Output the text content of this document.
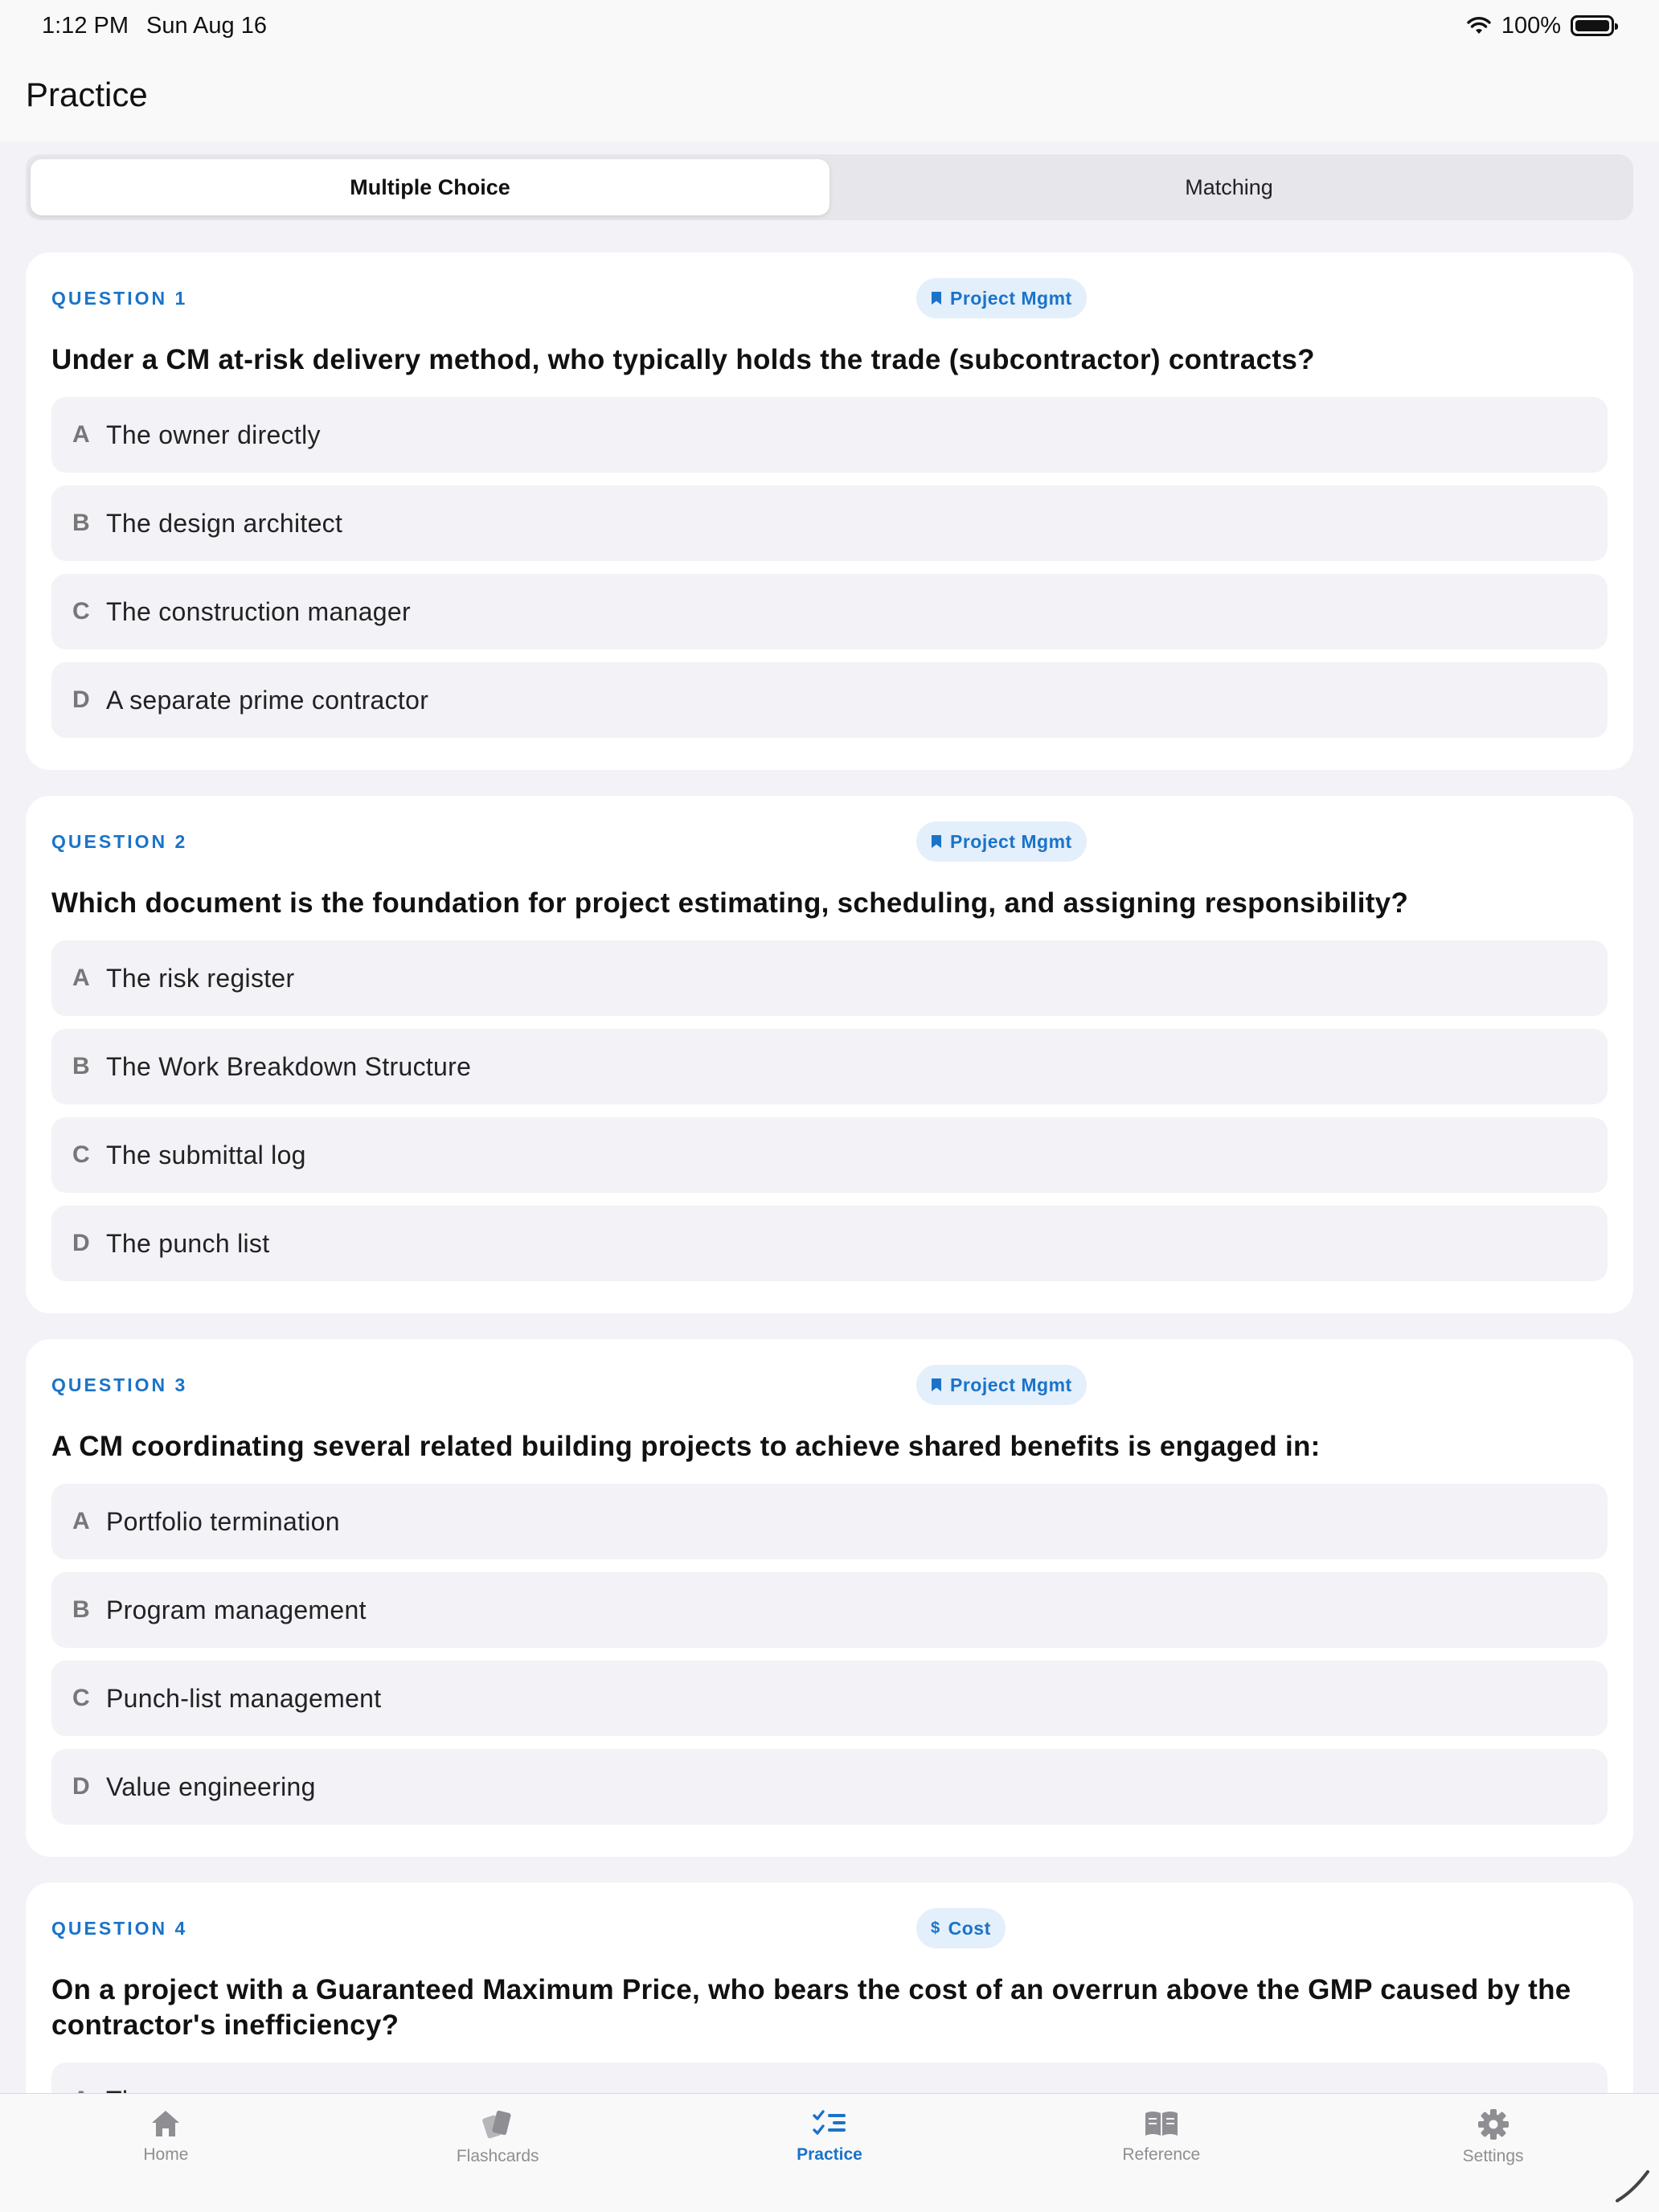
1:12 PM Sun Aug 16	100%
Practice
Multiple Choice	Matching
QUESTION 1	Project Mgmt

Under a CM at-risk delivery method, who typically holds the trade (subcontractor) contracts?

A The owner directly
B The design architect
C The construction manager
D A separate prime contractor
QUESTION 2	Project Mgmt

Which document is the foundation for project estimating, scheduling, and assigning responsibility?

A The risk register
B The Work Breakdown Structure
C The submittal log
D The punch list
QUESTION 3	Project Mgmt

A CM coordinating several related building projects to achieve shared benefits is engaged in:

A Portfolio termination
B Program management
C Punch-list management
D Value engineering
QUESTION 4	$ Cost

On a project with a Guaranteed Maximum Price, who bears the cost of an overrun above the GMP caused by the contractor's inefficiency?

Home	Flashcards	Practice	Reference	Settings
